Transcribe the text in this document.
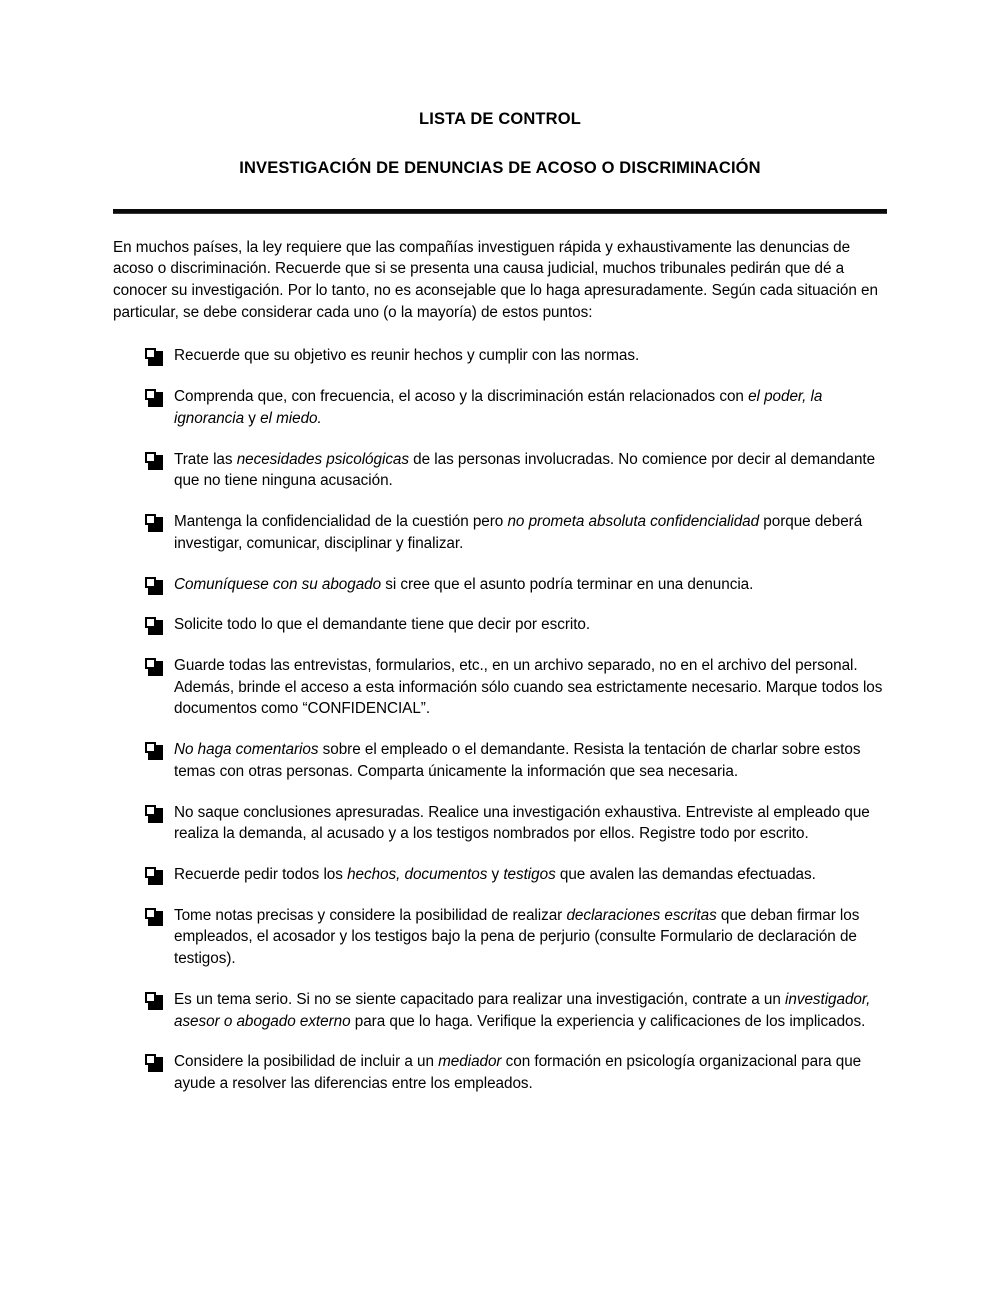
LISTA DE CONTROL
INVESTIGACIÓN DE DENUNCIAS DE ACOSO O DISCRIMINACIÓN

En muchos países, la ley requiere que las compañías investiguen rápida y exhaustivamente las denuncias de acoso o discriminación. Recuerde que si se presenta una causa judicial, muchos tribunales pedirán que dé a conocer su investigación. Por lo tanto, no es aconsejable que lo haga apresuradamente. Según cada situación en particular, se debe considerar cada uno (o la mayoría) de estos puntos:

Recuerde que su objetivo es reunir hechos y cumplir con las normas.
Comprenda que, con frecuencia, el acoso y la discriminación están relacionados con el poder, la ignorancia y el miedo.
Trate las necesidades psicológicas de las personas involucradas. No comience por decir al demandante que no tiene ninguna acusación.
Mantenga la confidencialidad de la cuestión pero no prometa absoluta confidencialidad porque deberá investigar, comunicar, disciplinar y finalizar.
Comuníquese con su abogado si cree que el asunto podría terminar en una denuncia.
Solicite todo lo que el demandante tiene que decir por escrito.
Guarde todas las entrevistas, formularios, etc., en un archivo separado, no en el archivo del personal. Además, brinde el acceso a esta información sólo cuando sea estrictamente necesario. Marque todos los documentos como “CONFIDENCIAL”.
No haga comentarios sobre el empleado o el demandante. Resista la tentación de charlar sobre estos temas con otras personas. Comparta únicamente la información que sea necesaria.
No saque conclusiones apresuradas. Realice una investigación exhaustiva. Entreviste al empleado que realiza la demanda, al acusado y a los testigos nombrados por ellos. Registre todo por escrito.
Recuerde pedir todos los hechos, documentos y testigos que avalen las demandas efectuadas.
Tome notas precisas y considere la posibilidad de realizar declaraciones escritas que deban firmar los empleados, el acosador y los testigos bajo la pena de perjurio (consulte Formulario de declaración de testigos).
Es un tema serio. Si no se siente capacitado para realizar una investigación, contrate a un investigador, asesor o abogado externo para que lo haga. Verifique la experiencia y calificaciones de los implicados.
Considere la posibilidad de incluir a un mediador con formación en psicología organizacional para que ayude a resolver las diferencias entre los empleados.
